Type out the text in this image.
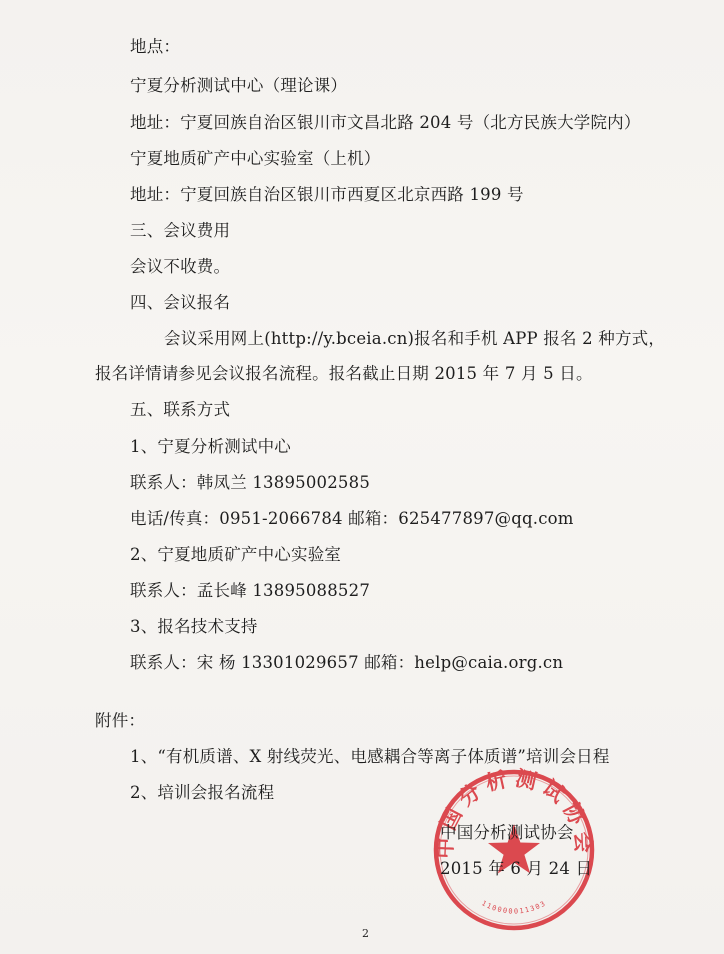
地点：
宁夏分析测试中心（理论课）
地址：宁夏回族自治区银川市文昌北路 204 号（北方民族大学院内）
宁夏地质矿产中心实验室（上机）
地址：宁夏回族自治区银川市西夏区北京西路 199 号
三、会议费用
会议不收费。
四、会议报名
会议采用网上(http://y.bceia.cn)报名和手机 APP 报名 2 种方式，
报名详情请参见会议报名流程。报名截止日期 2015 年 7 月 5 日。
五、联系方式
1、宁夏分析测试中心
联系人：韩凤兰 13895002585
电话/传真：0951-2066784 邮箱：625477897@qq.com
2、宁夏地质矿产中心实验室
联系人：孟长峰 13895088527
3、报名技术支持
联系人：宋 杨 13301029657 邮箱：help@caia.org.cn
附件：
1、“有机质谱、X 射线荧光、电感耦合等离子体质谱”培训会日程
2、培训会报名流程
中国分析测试协会
110000011303
中国分析测试协会
2015 年 6 月 24 日
2
